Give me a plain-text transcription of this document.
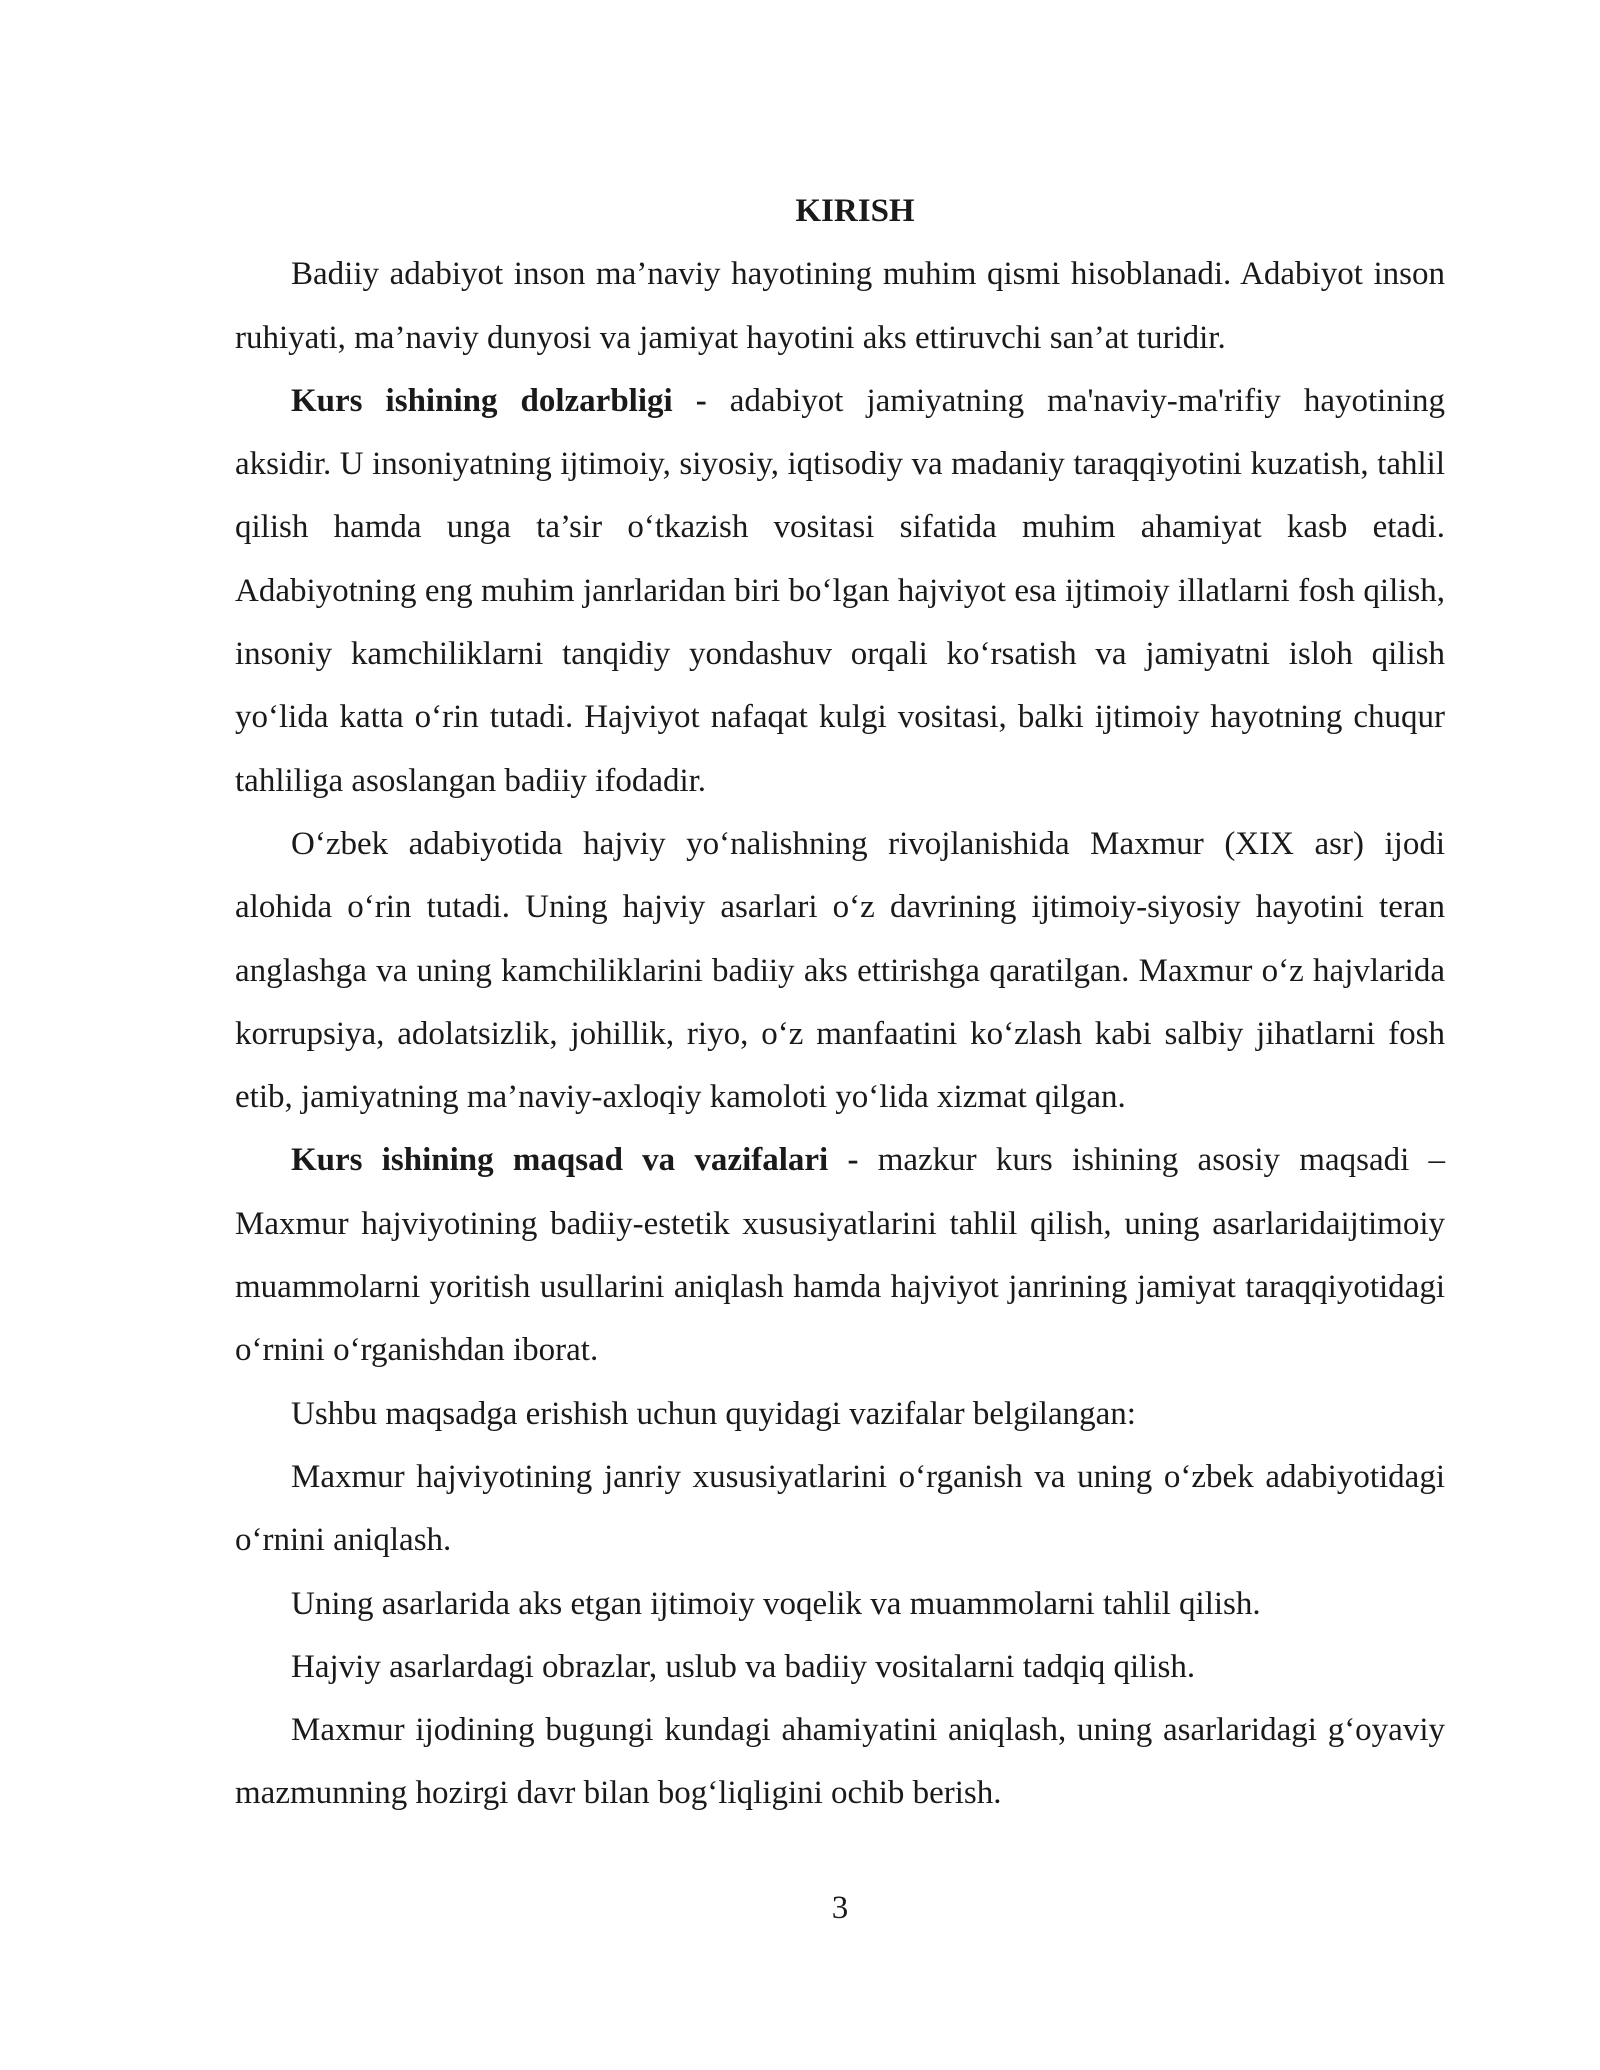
KIRISH

Badiiy adabiyot inson ma’naviy hayotining muhim qismi hisoblanadi. Adabiyot inson ruhiyati, ma’naviy dunyosi va jamiyat hayotini aks ettiruvchi san’at turidir.

Kurs ishining dolzarbligi - adabiyot jamiyatning ma'naviy-ma'rifiy hayotining aksidir. U insoniyatning ijtimoiy, siyosiy, iqtisodiy va madaniy taraqqiyotini kuzatish, tahlil qilish hamda unga ta’sir o‘tkazish vositasi sifatida muhim ahamiyat kasb etadi. Adabiyotning eng muhim janrlaridan biri bo‘lgan hajviyot esa ijtimoiy illatlarni fosh qilish, insoniy kamchiliklarni tanqidiy yondashuv orqali ko‘rsatish va jamiyatni isloh qilish yo‘lida katta o‘rin tutadi. Hajviyot nafaqat kulgi vositasi, balki ijtimoiy hayotning chuqur tahliliga asoslangan badiiy ifodadir.

O‘zbek adabiyotida hajviy yo‘nalishning rivojlanishida Maxmur (XIX asr) ijodi alohida o‘rin tutadi. Uning hajviy asarlari o‘z davrining ijtimoiy-siyosiy hayotini teran anglashga va uning kamchiliklarini badiiy aks ettirishga qaratilgan. Maxmur o‘z hajvlarida korrupsiya, adolatsizlik, johillik, riyo, o‘z manfaatini ko‘zlash kabi salbiy jihatlarni fosh etib, jamiyatning ma’naviy-axloqiy kamoloti yo‘lida xizmat qilgan.

Kurs ishining maqsad va vazifalari - mazkur kurs ishining asosiy maqsadi – Maxmur hajviyotining badiiy-estetik xususiyatlarini tahlil qilish, uning asarlaridaijtimoiy muammolarni yoritish usullarini aniqlash hamda hajviyot janrining jamiyat taraqqiyotidagi o‘rnini o‘rganishdan iborat.

Ushbu maqsadga erishish uchun quyidagi vazifalar belgilangan:

Maxmur hajviyotining janriy xususiyatlarini o‘rganish va uning o‘zbek adabiyotidagi o‘rnini aniqlash.

Uning asarlarida aks etgan ijtimoiy voqelik va muammolarni tahlil qilish.

Hajviy asarlardagi obrazlar, uslub va badiiy vositalarni tadqiq qilish.

Maxmur ijodining bugungi kundagi ahamiyatini aniqlash, uning asarlaridagi g‘oyaviy mazmunning hozirgi davr bilan bog‘liqligini ochib berish.

3
